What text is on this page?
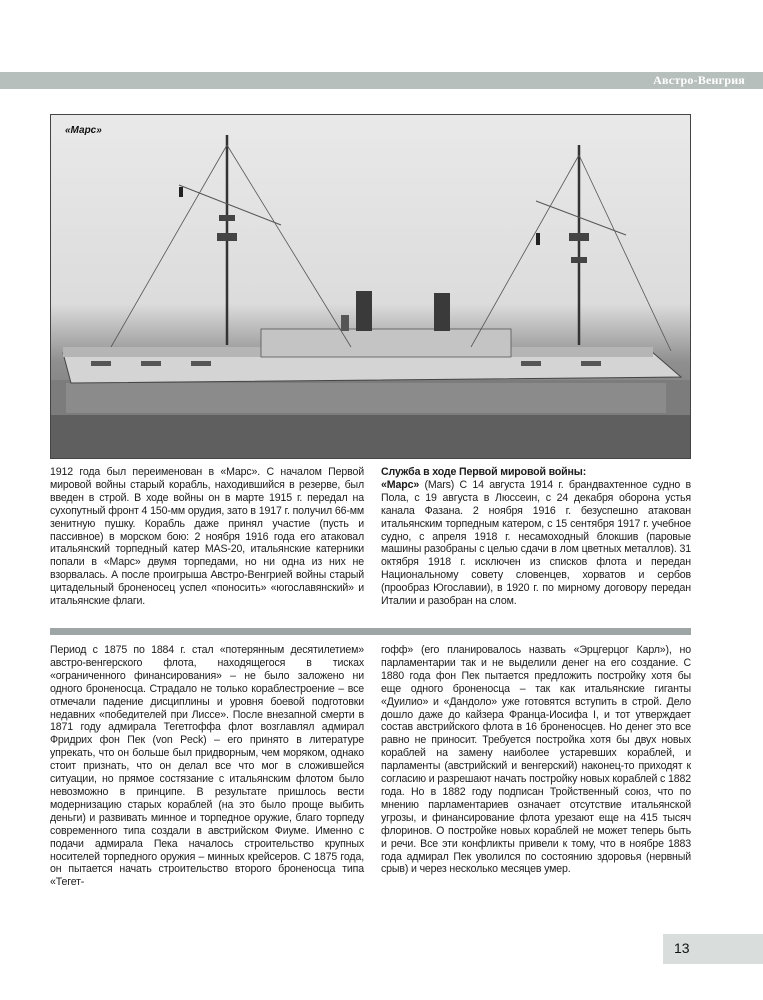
Австро-Венгрия
«Марс»

1912 года был переименован в «Марс». С началом Первой мировой войны старый корабль, находившийся в резерве, был введен в строй. В ходе войны он в марте 1915 г. передал на сухопутный фронт 4 150-мм орудия, зато в 1917 г. получил 66-мм зенитную пушку. Корабль даже принял участие (пусть и пассивное) в морском бою: 2 ноября 1916 года его атаковал итальянский торпедный катер MAS-20, итальянские катерники попали в «Марс» двумя торпедами, но ни одна из них не взорвалась. А после проигрыша Австро-Венгрией войны старый цитадельный броненосец успел «поносить» «югославянский» и итальянские флаги.

Служба в ходе Первой мировой войны:
«Марс» (Mars) С 14 августа 1914 г. брандвахтенное судно в Пола, с 19 августа в Люссеин, с 24 декабря оборона устья канала Фазана. 2 ноября 1916 г. безуспешно атакован итальянским торпедным катером, с 15 сентября 1917 г. учебное судно, с апреля 1918 г. несамоходный блокшив (паровые машины разобраны с целью сдачи в лом цветных металлов). 31 октября 1918 г. исключен из списков флота и передан Национальному совету словенцев, хорватов и сербов (прообраз Югославии), в 1920 г. по мирному договору передан Италии и разобран на слом.

Период с 1875 по 1884 г. стал «потерянным десятилетием» австро-венгерского флота, находящегося в тисках «ограниченного финансирования» – не было заложено ни одного броненосца. Страдало не только кораблестроение – все отмечали падение дисциплины и уровня боевой подготовки недавних «победителей при Лиссе». После внезапной смерти в 1871 году адмирала Тегетгоффа флот возглавлял адмирал Фридрих фон Пек (von Peck) – его принято в литературе упрекать, что он больше был придворным, чем моряком, однако стоит признать, что он делал все что мог в сложившейся ситуации, но прямое состязание с итальянским флотом было невозможно в принципе. В результате пришлось вести модернизацию старых кораблей (на это было проще выбить деньги) и развивать минное и торпедное оружие, благо торпеду современного типа создали в австрийском Фиуме. Именно с подачи адмирала Пека началось строительство крупных носителей торпедного оружия – минных крейсеров. С 1875 года, он пытается начать строительство второго броненосца типа «Тегет-

гофф» (его планировалось назвать «Эрцгерцог Карл»), но парламентарии так и не выделили денег на его создание. С 1880 года фон Пек пытается предложить постройку хотя бы еще одного броненосца – так как итальянские гиганты «Дуилио» и «Дандоло» уже готовятся вступить в строй. Дело дошло даже до кайзера Франца-Иосифа I, и тот утверждает состав австрийского флота в 16 броненосцев. Но денег это все равно не приносит. Требуется постройка хотя бы двух новых кораблей на замену наиболее устаревших кораблей, и парламенты (австрийский и венгерский) наконец-то приходят к согласию и разрешают начать постройку новых кораблей с 1882 года. Но в 1882 году подписан Тройственный союз, что по мнению парламентариев означает отсутствие итальянской угрозы, и финансирование флота урезают еще на 415 тысяч флоринов. О постройке новых кораблей не может теперь быть и речи. Все эти конфликты привели к тому, что в ноябре 1883 года адмирал Пек уволился по состоянию здоровья (нервный срыв) и через несколько месяцев умер.

13
